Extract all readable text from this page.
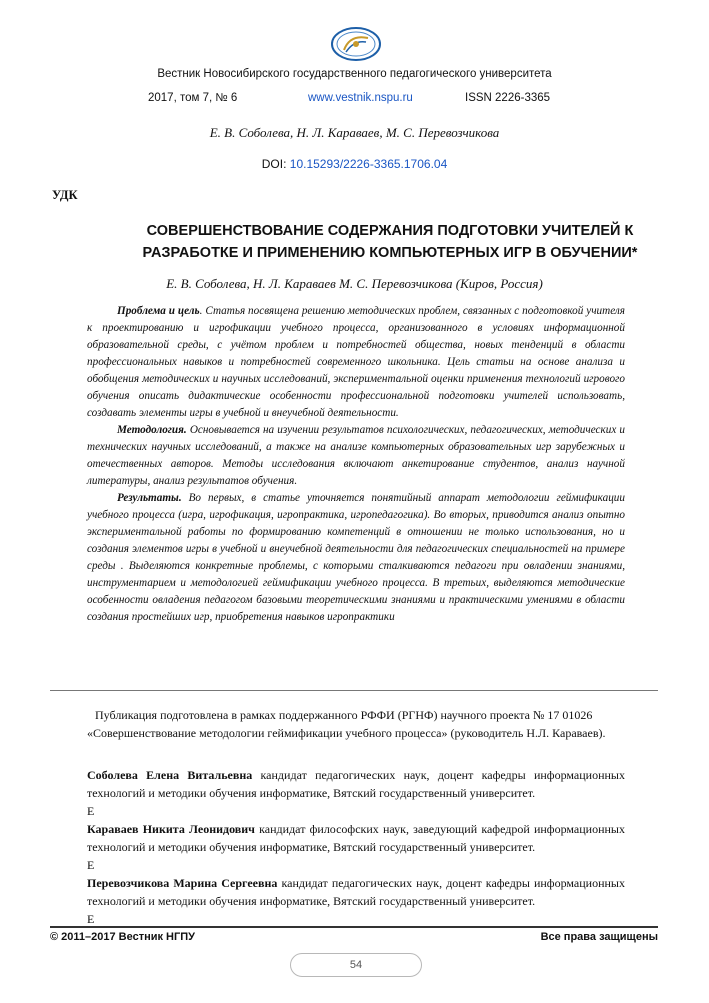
Вестник Новосибирского государственного педагогического университета
2017, том 7, № 6	www.vestnik.nspu.ru	ISSN 2226-3365
Е. В. Соболева, Н. Л. Караваев, М. С. Перевозчикова
DOI: 10.15293/2226-3365.1706.04
УДК
СОВЕРШЕНСТВОВАНИЕ СОДЕРЖАНИЯ ПОДГОТОВКИ УЧИТЕЛЕЙ К РАЗРАБОТКЕ И ПРИМЕНЕНИЮ КОМПЬЮТЕРНЫХ ИГР В ОБУЧЕНИИ*
Е. В. Соболева, Н. Л. Караваев М. С. Перевозчикова (Киров, Россия)

Проблема и цель. Статья посвящена решению методических проблем, связанных с подготовкой учителя к проектированию и игрофикации учебного процесса, организованного в условиях информационной образовательной среды, с учётом проблем и потребностей общества, новых тенденций в области профессиональных навыков и потребностей современного школьника. Цель статьи на основе анализа и обобщения методических и научных исследований, экспериментальной оценки применения технологий игрового обучения описать дидактические особенности профессиональной подготовки учителей использовать, создавать элементы игры в учебной и внеучебной деятельности.

Методология. Основывается на изучении результатов психологических, педагогических, методических и технических научных исследований, а также на анализе компьютерных образовательных игр зарубежных и отечественных авторов. Методы исследования включают анкетирование студентов, анализ научной литературы, анализ результатов обучения.

Результаты. Во первых, в статье уточняется понятийный аппарат методологии геймификации учебного процесса (игра, игрофикация, игропрактика, игропедагогика). Во вторых, приводится анализ опытно экспериментальной работы по формированию компетенций в отношении не только использования, но и создания элементов игры в учебной и внеучебной деятельности для педагогических специальностей на примере среды . Выделяются конкретные проблемы, с которыми сталкиваются педагоги при овладении знаниями, инструментарием и методологией геймификации учебного процесса. В третьих, выделяются методические особенности овладения педагогом базовыми теоретическими знаниями и практическими умениями в области создания простейших игр, приобретения навыков игропрактики

Публикация подготовлена в рамках поддержанного РФФИ (РГНФ) научного проекта № 17 01026 «Совершенствование методологии геймификации учебного процесса» (руководитель Н.Л. Караваев).
Соболева Елена Витальевна кандидат педагогических наук, доцент кафедры информационных технологий и методики обучения информатике, Вятский государственный университет.
E
Караваев Никита Леонидович кандидат философских наук, заведующий кафедрой информационных технологий и методики обучения информатике, Вятский государственный университет.
E
Перевозчикова Марина Сергеевна кандидат педагогических наук, доцент кафедры информационных технологий и методики обучения информатике, Вятский государственный университет.
E
© 2011–2017 Вестник НГПУ	Все права защищены
54
